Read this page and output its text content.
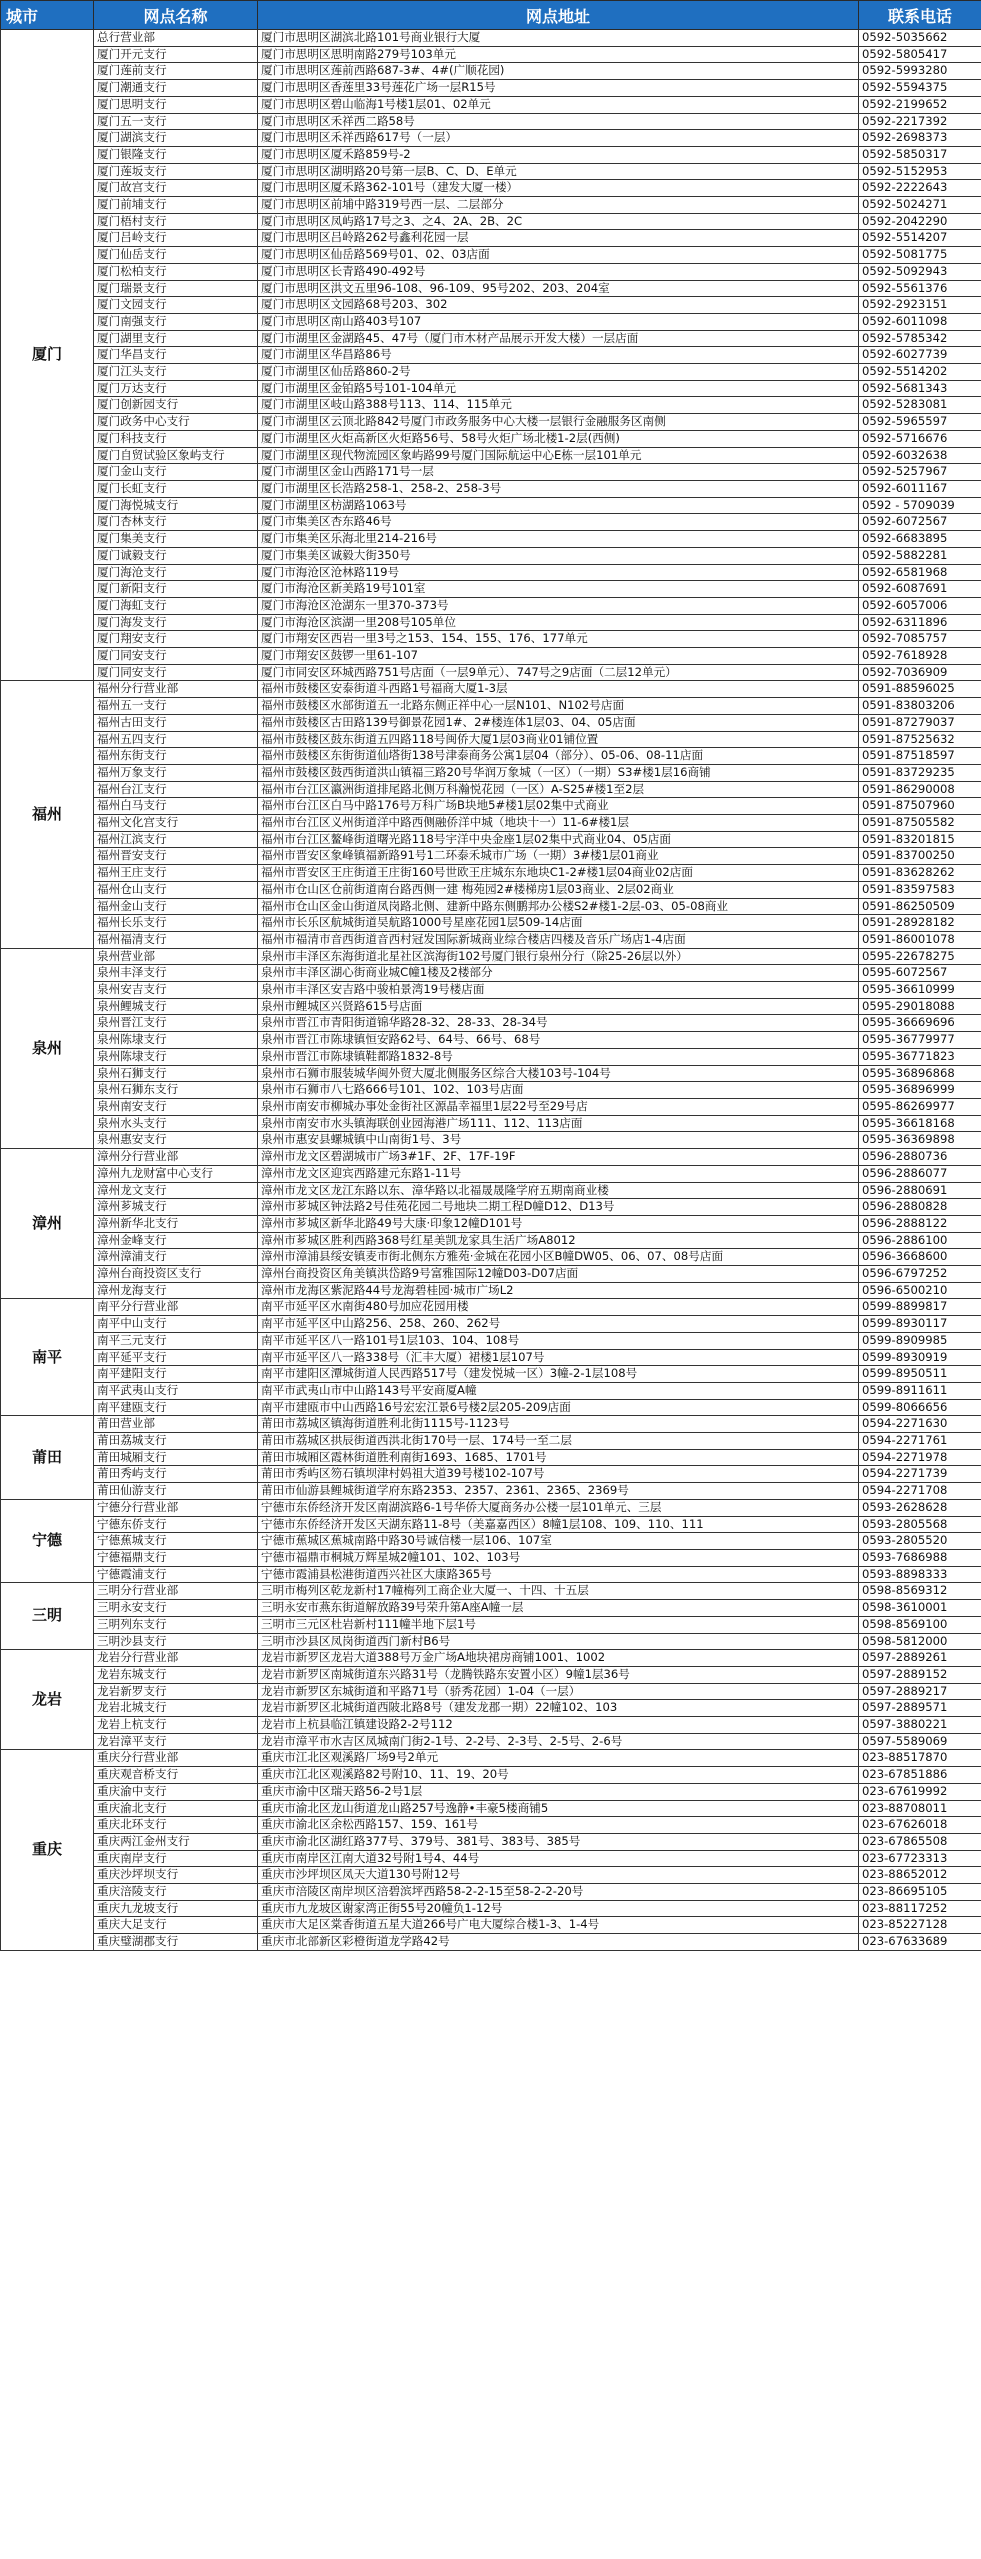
城市	网点名称	网点地址	联系电话
厦门	总行营业部	厦门市思明区湖滨北路101号商业银行大厦	0592-5035662
	厦门开元支行	厦门市思明区思明南路279号103单元	0592-5805417
	厦门莲前支行	厦门市思明区莲前西路687-3#、4#(广顺花园)	0592-5993280
	厦门潮通支行	厦门市思明区香莲里33号莲花广场一层R15号	0592-5594375
	厦门思明支行	厦门市思明区碧山临海1号楼1层01、02单元	0592-2199652
	厦门五一支行	厦门市思明区禾祥西二路58号	0592-2217392
	厦门湖滨支行	厦门市思明区禾祥西路617号（一层）	0592-2698373
	厦门银隆支行	厦门市思明区厦禾路859号-2	0592-5850317
	厦门莲坂支行	厦门市思明区湖明路20号第一层B、C、D、E单元	0592-5152953
	厦门故宫支行	厦门市思明区厦禾路362-101号（建发大厦一楼）	0592-2222643
	厦门前埔支行	厦门市思明区前埔中路319号西一层、二层部分	0592-5024271
	厦门梧村支行	厦门市思明区凤屿路17号之3、之4、2A、2B、2C	0592-2042290
	厦门吕岭支行	厦门市思明区吕岭路262号鑫利花园一层	0592-5514207
	厦门仙岳支行	厦门市思明区仙岳路569号01、02、03店面	0592-5081775
	厦门松柏支行	厦门市思明区长青路490-492号	0592-5092943
	厦门瑞景支行	厦门市思明区洪文五里96-108、96-109、95号202、203、204室	0592-5561376
	厦门文园支行	厦门市思明区文园路68号203、302	0592-2923151
	厦门南强支行	厦门市思明区南山路403号107	0592-6011098
	厦门湖里支行	厦门市湖里区金湖路45、47号（厦门市木材产品展示开发大楼）一层店面	0592-5785342
	厦门华昌支行	厦门市湖里区华昌路86号	0592-6027739
	厦门江头支行	厦门市湖里区仙岳路860-2号	0592-5514202
	厦门万达支行	厦门市湖里区金铂路5号101-104单元	0592-5681343
	厦门创新园支行	厦门市湖里区岐山路388号113、114、115单元	0592-5283081
	厦门政务中心支行	厦门市湖里区云顶北路842号厦门市政务服务中心大楼一层银行金融服务区南侧	0592-5965597
	厦门科技支行	厦门市湖里区火炬高新区火炬路56号、58号火炬广场北楼1-2层(西侧)	0592-5716676
	厦门自贸试验区象屿支行	厦门市湖里区现代物流园区象屿路99号厦门国际航运中心E栋一层101单元	0592-6032638
	厦门金山支行	厦门市湖里区金山西路171号一层	0592-5257967
	厦门长虹支行	厦门市湖里区长浩路258-1、258-2、258-3号	0592-6011167
	厦门海悦城支行	厦门市湖里区枋湖路1063号	0592 - 5709039
	厦门杏林支行	厦门市集美区杏东路46号	0592-6072567
	厦门集美支行	厦门市集美区乐海北里214-216号	0592-6683895
	厦门诚毅支行	厦门市集美区诚毅大街350号	0592-5882281
	厦门海沧支行	厦门市海沧区沧林路119号	0592-6581968
	厦门新阳支行	厦门市海沧区新美路19号101室	0592-6087691
	厦门海虹支行	厦门市海沧区沧湖东一里370-373号	0592-6057006
	厦门海发支行	厦门市海沧区滨湖一里208号105单位	0592-6311896
	厦门翔安支行	厦门市翔安区西岩一里3号之153、154、155、176、177单元	0592-7085757
	厦门同安支行	厦门市翔安区鼓锣一里61-107	0592-7618928
	厦门同安支行	厦门市同安区环城西路751号店面（一层9单元）、747号之9店面（二层12单元）	0592-7036909
福州	福州分行营业部	福州市鼓楼区安泰街道斗西路1号福商大厦1-3层	0591-88596025
	福州五一支行	福州市鼓楼区水部街道五一北路东侧正祥中心一层N101、N102号店面	0591-83803206
	福州古田支行	福州市鼓楼区古田路139号御景花园1#、2#楼连体1层03、04、05店面	0591-87279037
	福州五四支行	福州市鼓楼区鼓东街道五四路118号闽侨大厦1层03商业01铺位置	0591-87525632
	福州东街支行	福州市鼓楼区东街街道仙塔街138号津泰商务公寓1层04（部分）、05-06、08-11店面	0591-87518597
	福州万象支行	福州市鼓楼区鼓西街道洪山镇福三路20号华润万象城（一区）（一期）S3#楼1层16商铺	0591-83729235
	福州台江支行	福州市台江区瀛洲街道排尾路北侧万科瀚悦花园（一区）A-S25#楼1至2层	0591-86290008
	福州白马支行	福州市台江区白马中路176号万科广场B块地5#楼1层02集中式商业	0591-87507960
	福州文化宫支行	福州市台江区义州街道洋中路西侧融侨洋中城（地块十一）11-6#楼1层	0591-87505582
	福州江滨支行	福州市台江区鳌峰街道曙光路118号宇洋中央金座1层02集中式商业04、05店面	0591-83201815
	福州晋安支行	福州市晋安区象峰镇福新路91号1二环泰禾城市广场（一期）3#楼1层01商业	0591-83700250
	福州王庄支行	福州市晋安区王庄街道王庄街160号世欧王庄城东东地块C1-2#楼1层04商业02店面	0591-83628262
	福州仓山支行	福州市仓山区仓前街道南台路西侧一建 梅苑园2#楼梯房1层03商业、2层02商业	0591-83597583
	福州金山支行	福州市仓山区金山街道凤岗路北侧、建新中路东侧鹏邦办公楼S2#楼1-2层-03、05-08商业	0591-86250509
	福州长乐支行	福州市长乐区航城街道吴航路1000号星座花园1层509-14店面	0591-28928182
	福州福清支行	福州市福清市音西街道音西村冠发国际新城商业综合楼店四楼及音乐广场店1-4店面	0591-86001078
泉州	泉州营业部	泉州市丰泽区东海街道北星社区滨海街102号厦门银行泉州分行（除25-26层以外）	0595-22678275
	泉州丰泽支行	泉州市丰泽区湖心街商业城C幢1楼及2楼部分	0595-6072567
	泉州安吉支行	泉州市丰泽区安吉路中骏柏景湾19号楼店面	0595-36610999
	泉州鲤城支行	泉州市鲤城区兴贤路615号店面	0595-29018088
	泉州晋江支行	泉州市晋江市青阳街道锦华路28-32、28-33、28-34号	0595-36669696
	泉州陈埭支行	泉州市晋江市陈埭镇恒安路62号、64号、66号、68号	0595-36779977
	泉州陈埭支行	泉州市晋江市陈埭镇鞋都路1832-8号	0595-36771823
	泉州石狮支行	泉州市石狮市服装城华闽外贸大厦北侧服务区综合大楼103号-104号	0595-36896868
	泉州石狮东支行	泉州市石狮市八七路666号101、102、103号店面	0595-36896999
	泉州南安支行	泉州市南安市柳城办事处金街社区源晶幸福里1层22号至29号店	0595-86269977
	泉州水头支行	泉州市南安市水头镇海联创业园海港广场111、112、113店面	0595-36618168
	泉州惠安支行	泉州市惠安县螺城镇中山南街1号、3号	0595-36369898
漳州	漳州分行营业部	漳州市龙文区碧湖城市广场3#1F、2F、17F-19F	0596-2880736
	漳州九龙财富中心支行	漳州市龙文区迎宾西路建元东路1-11号	0596-2886077
	漳州龙文支行	漳州市龙文区龙江东路以东、漳华路以北福晟晟隆学府五期南商业楼	0596-2880691
	漳州芗城支行	漳州市芗城区钟法路2号佳苑花园二号地块二期工程D幢D12、D13号	0596-2880828
	漳州新华北支行	漳州市芗城区新华北路49号大康·印象12幢D101号	0596-2888122
	漳州金峰支行	漳州市芗城区胜利西路368号红星美凯龙家具生活广场A8012	0596-2886100
	漳州漳浦支行	漳州市漳浦县绥安镇麦市街北侧东方雅苑·金城在花园小区B幢DW05、06、07、08号店面	0596-3668600
	漳州台商投资区支行	漳州台商投资区角美镇洪岱路9号富雅国际12幢D03-D07店面	0596-6797252
	漳州龙海支行	漳州市龙海区紫泥路44号龙海碧桂园·城市广场L2	0596-6500210
南平	南平分行营业部	南平市延平区水南街480号加应花园用楼	0599-8899817
	南平中山支行	南平市延平区中山路256、258、260、262号	0599-8930117
	南平三元支行	南平市延平区八一路101号1层103、104、108号	0599-8909985
	南平延平支行	南平市延平区八一路338号（汇丰大厦）裙楼1层107号	0599-8930919
	南平建阳支行	南平市建阳区潭城街道人民西路517号（建发悦城一区）3幢-2-1层108号	0599-8950511
	南平武夷山支行	南平市武夷山市中山路143号平安商厦A幢	0599-8911611
	南平建瓯支行	南平市建瓯市中山西路16号宏宏江景6号楼2层205-209店面	0599-8066656
莆田	莆田营业部	莆田市荔城区镇海街道胜利北街1115号-1123号	0594-2271630
	莆田荔城支行	莆田市荔城区拱辰街道西洪北街170号一层、174号一至二层	0594-2271761
	莆田城厢支行	莆田市城厢区霞林街道胜利南街1693、1685、1701号	0594-2271978
	莆田秀屿支行	莆田市秀屿区笏石镇坝津村妈祖大道39号楼102-107号	0594-2271739
	莆田仙游支行	莆田市仙游县鲤城街道学府东路2353、2357、2361、2365、2369号	0594-2271708
宁德	宁德分行营业部	宁德市东侨经济开发区南湖滨路6-1号华侨大厦商务办公楼一层101单元、三层	0593-2628628
	宁德东侨支行	宁德市东侨经济开发区天湖东路11-8号（美嘉嘉西区）8幢1层108、109、110、111	0593-2805568
	宁德蕉城支行	宁德市蕉城区蕉城南路中路30号诚信楼一层106、107室	0593-2805520
	宁德福鼎支行	宁德市福鼎市桐城万辉星城2幢101、102、103号	0593-7686988
	宁德霞浦支行	宁德市霞浦县松港街道西兴社区大康路365号	0593-8898333
三明	三明分行营业部	三明市梅列区乾龙新村17幢梅列工商企业大厦一、十四、十五层	0598-8569312
	三明永安支行	三明永安市燕东街道解放路39号荣升第A座A幢一层	0598-3610001
	三明列东支行	三明市三元区杜岩新村111幢半地下层1号	0598-8569100
	三明沙县支行	三明市沙县区凤岗街道西门新村B6号	0598-5812000
龙岩	龙岩分行营业部	龙岩市新罗区龙岩大道388号万金广场A地块裙房商铺1001、1002	0597-2889261
	龙岩东城支行	龙岩市新罗区南城街道东兴路31号（龙腾铁路东安置小区）9幢1层36号	0597-2889152
	龙岩新罗支行	龙岩市新罗区东城街道和平路71号（骄秀花园）1-04（一层）	0597-2889217
	龙岩北城支行	龙岩市新罗区北城街道西陂北路8号（建发龙郡一期）22幢102、103	0597-2889571
	龙岩上杭支行	龙岩市上杭县临江镇建设路2-2号112	0597-3880221
	龙岩漳平支行	龙岩市漳平市水吉区凤城南门街2-1号、2-2号、2-3号、2-5号、2-6号	0597-5589069
重庆	重庆分行营业部	重庆市江北区观溪路厂场9号2单元	023-88517870
	重庆观音桥支行	重庆市江北区观溪路82号附10、11、19、20号	023-67851886
	重庆渝中支行	重庆市渝中区瑞天路56-2号1层	023-67619992
	重庆渝北支行	重庆市渝北区龙山街道龙山路257号逸静•丰豪5楼商铺5	023-88708011
	重庆北环支行	重庆市渝北区余松西路157、159、161号	023-67626018
	重庆两江金州支行	重庆市渝北区湖红路377号、379号、381号、383号、385号	023-67865508
	重庆南岸支行	重庆市南岸区江南大道32号附1号4、44号	023-67723313
	重庆沙坪坝支行	重庆市沙坪坝区凤天大道130号附12号	023-88652012
	重庆涪陵支行	重庆市涪陵区南岸坝区涪碧滨坪西路58-2-2-15至58-2-2-20号	023-86695105
	重庆九龙坡支行	重庆市九龙坡区谢家湾正街55号20幢负1-12号	023-88117252
	重庆大足支行	重庆市大足区棠香街道五星大道266号广电大厦综合楼1-3、1-4号	023-85227128
	重庆璧湖郡支行	重庆市北部新区彩橙街道龙学路42号	023-67633689
